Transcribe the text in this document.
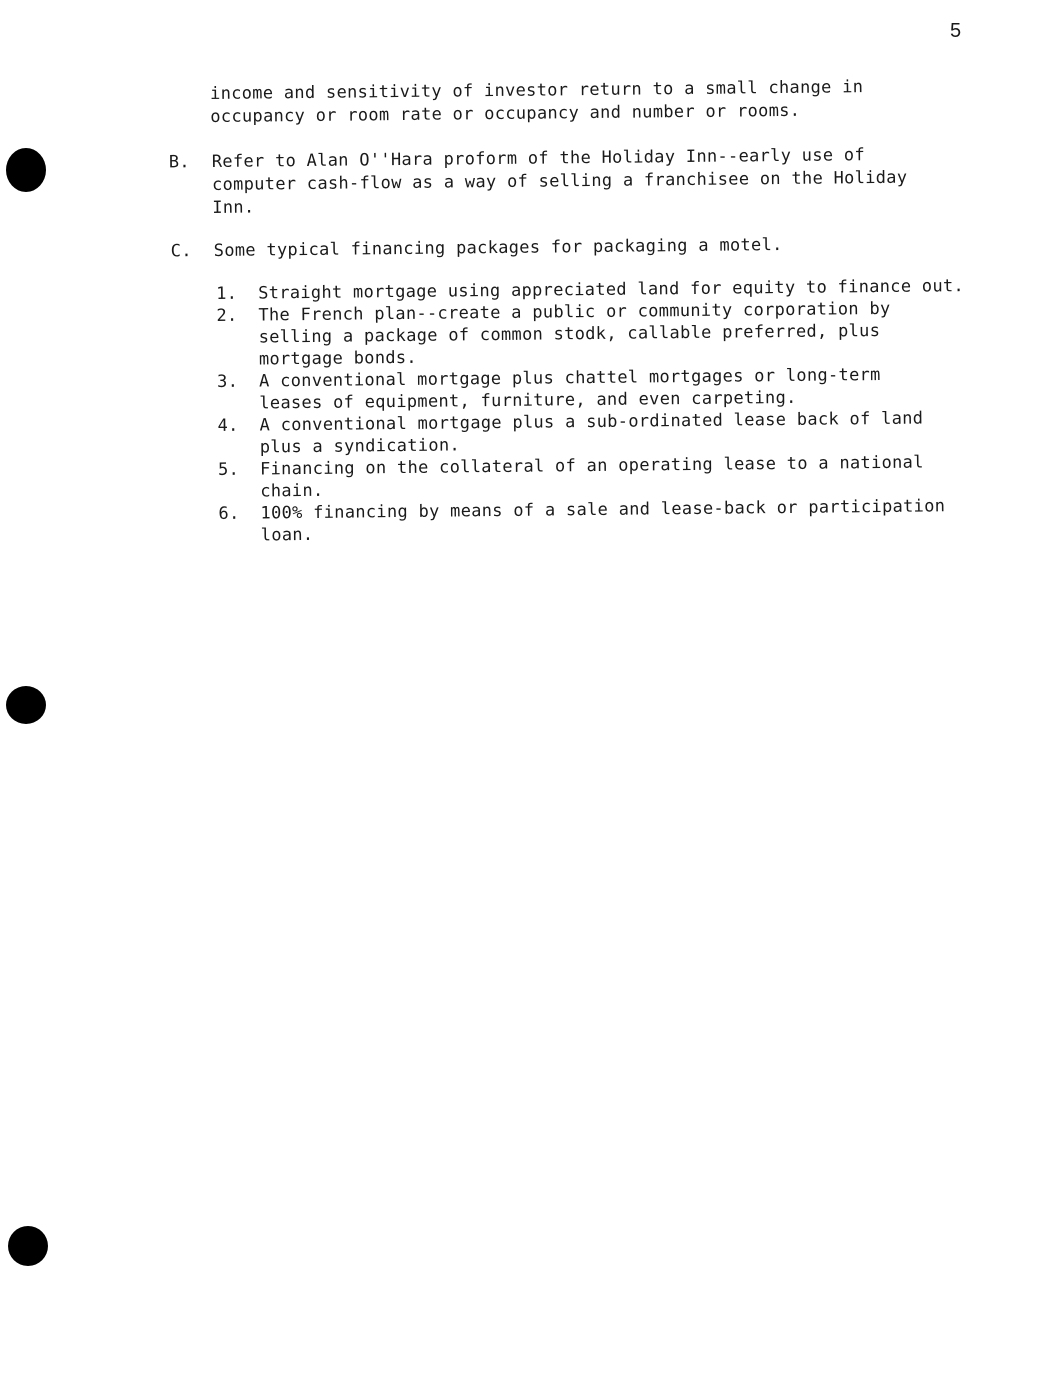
5
income and sensitivity of investor return to a small change in
occupancy or room rate or occupancy and number or rooms.
B. Refer to Alan O''Hara proform of the Holiday Inn--early use of
computer cash-flow as a way of selling a franchisee on the Holiday
Inn.
C. Some typical financing packages for packaging a motel.
1. Straight mortgage using appreciated land for equity to finance out.
2. The French plan--create a public or community corporation by
selling a package of common stodk, callable preferred, plus
mortgage bonds.
3. A conventional mortgage plus chattel mortgages or long-term
leases of equipment, furniture, and even carpeting.
4. A conventional mortgage plus a sub-ordinated lease back of land
plus a syndication.
5. Financing on the collateral of an operating lease to a national
chain.
6. 100% financing by means of a sale and lease-back or participation
loan.
